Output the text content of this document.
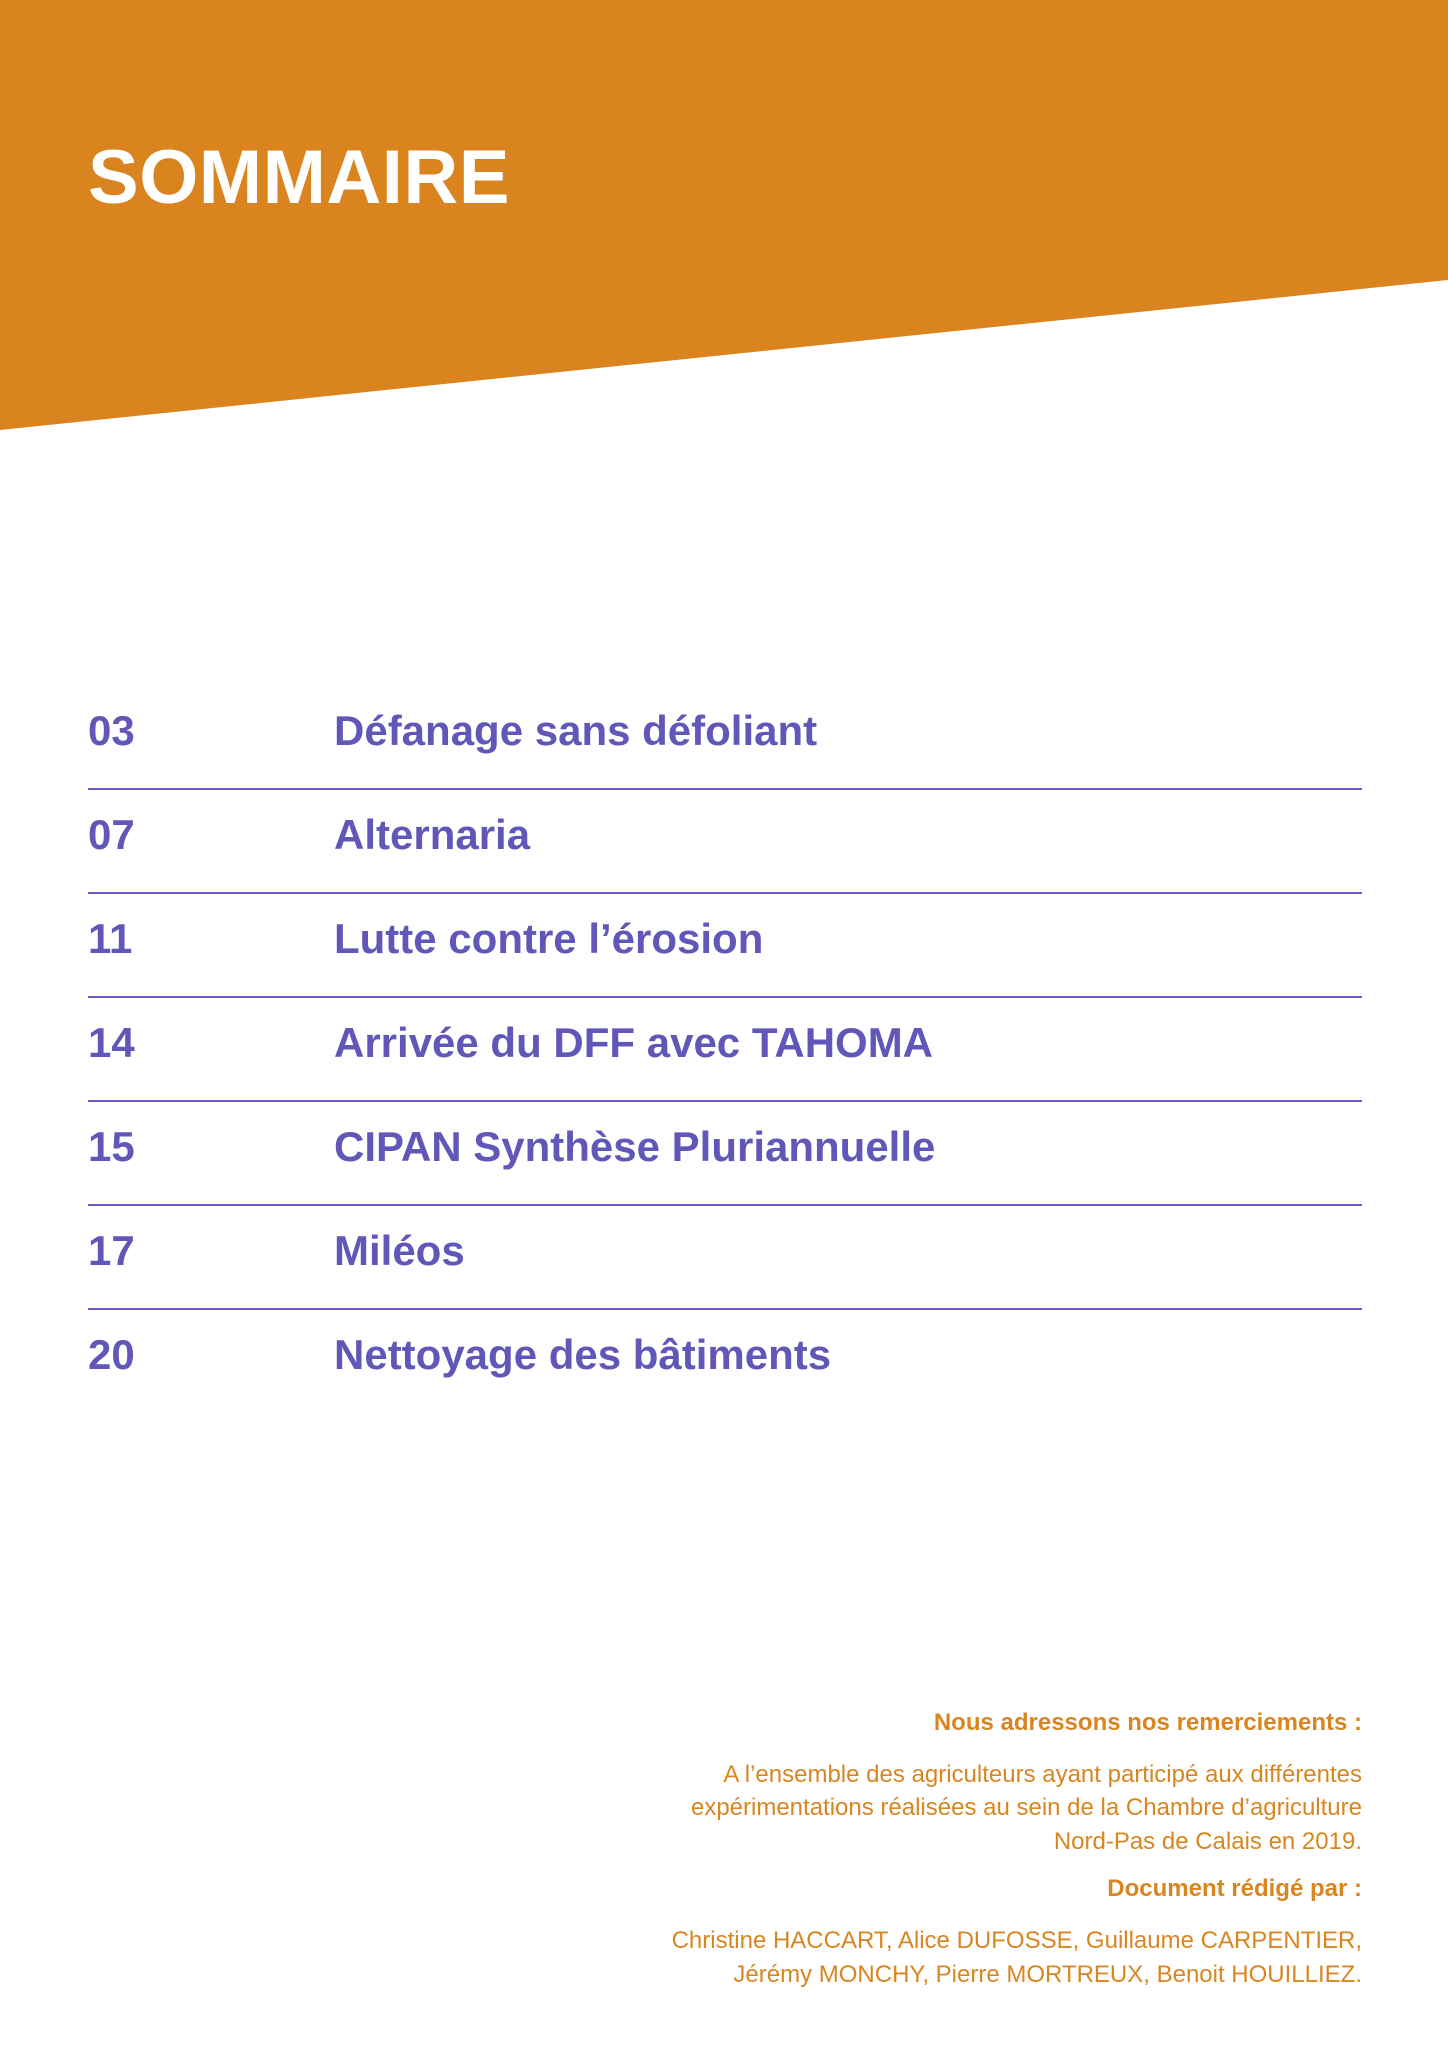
SOMMAIRE
03	Défanage sans défoliant
07	Alternaria
11	Lutte contre l’érosion
14	Arrivée du DFF avec TAHOMA
15	CIPAN Synthèse Pluriannuelle
17	Miléos
20	Nettoyage des bâtiments

Nous adressons nos remerciements :

A l’ensemble des agriculteurs ayant participé aux différentes
expérimentations réalisées au sein de la Chambre d’agriculture
Nord-Pas de Calais en 2019.

Document rédigé par :

Christine HACCART, Alice DUFOSSE, Guillaume CARPENTIER,
Jérémy MONCHY, Pierre MORTREUX, Benoit HOUILLIEZ.
